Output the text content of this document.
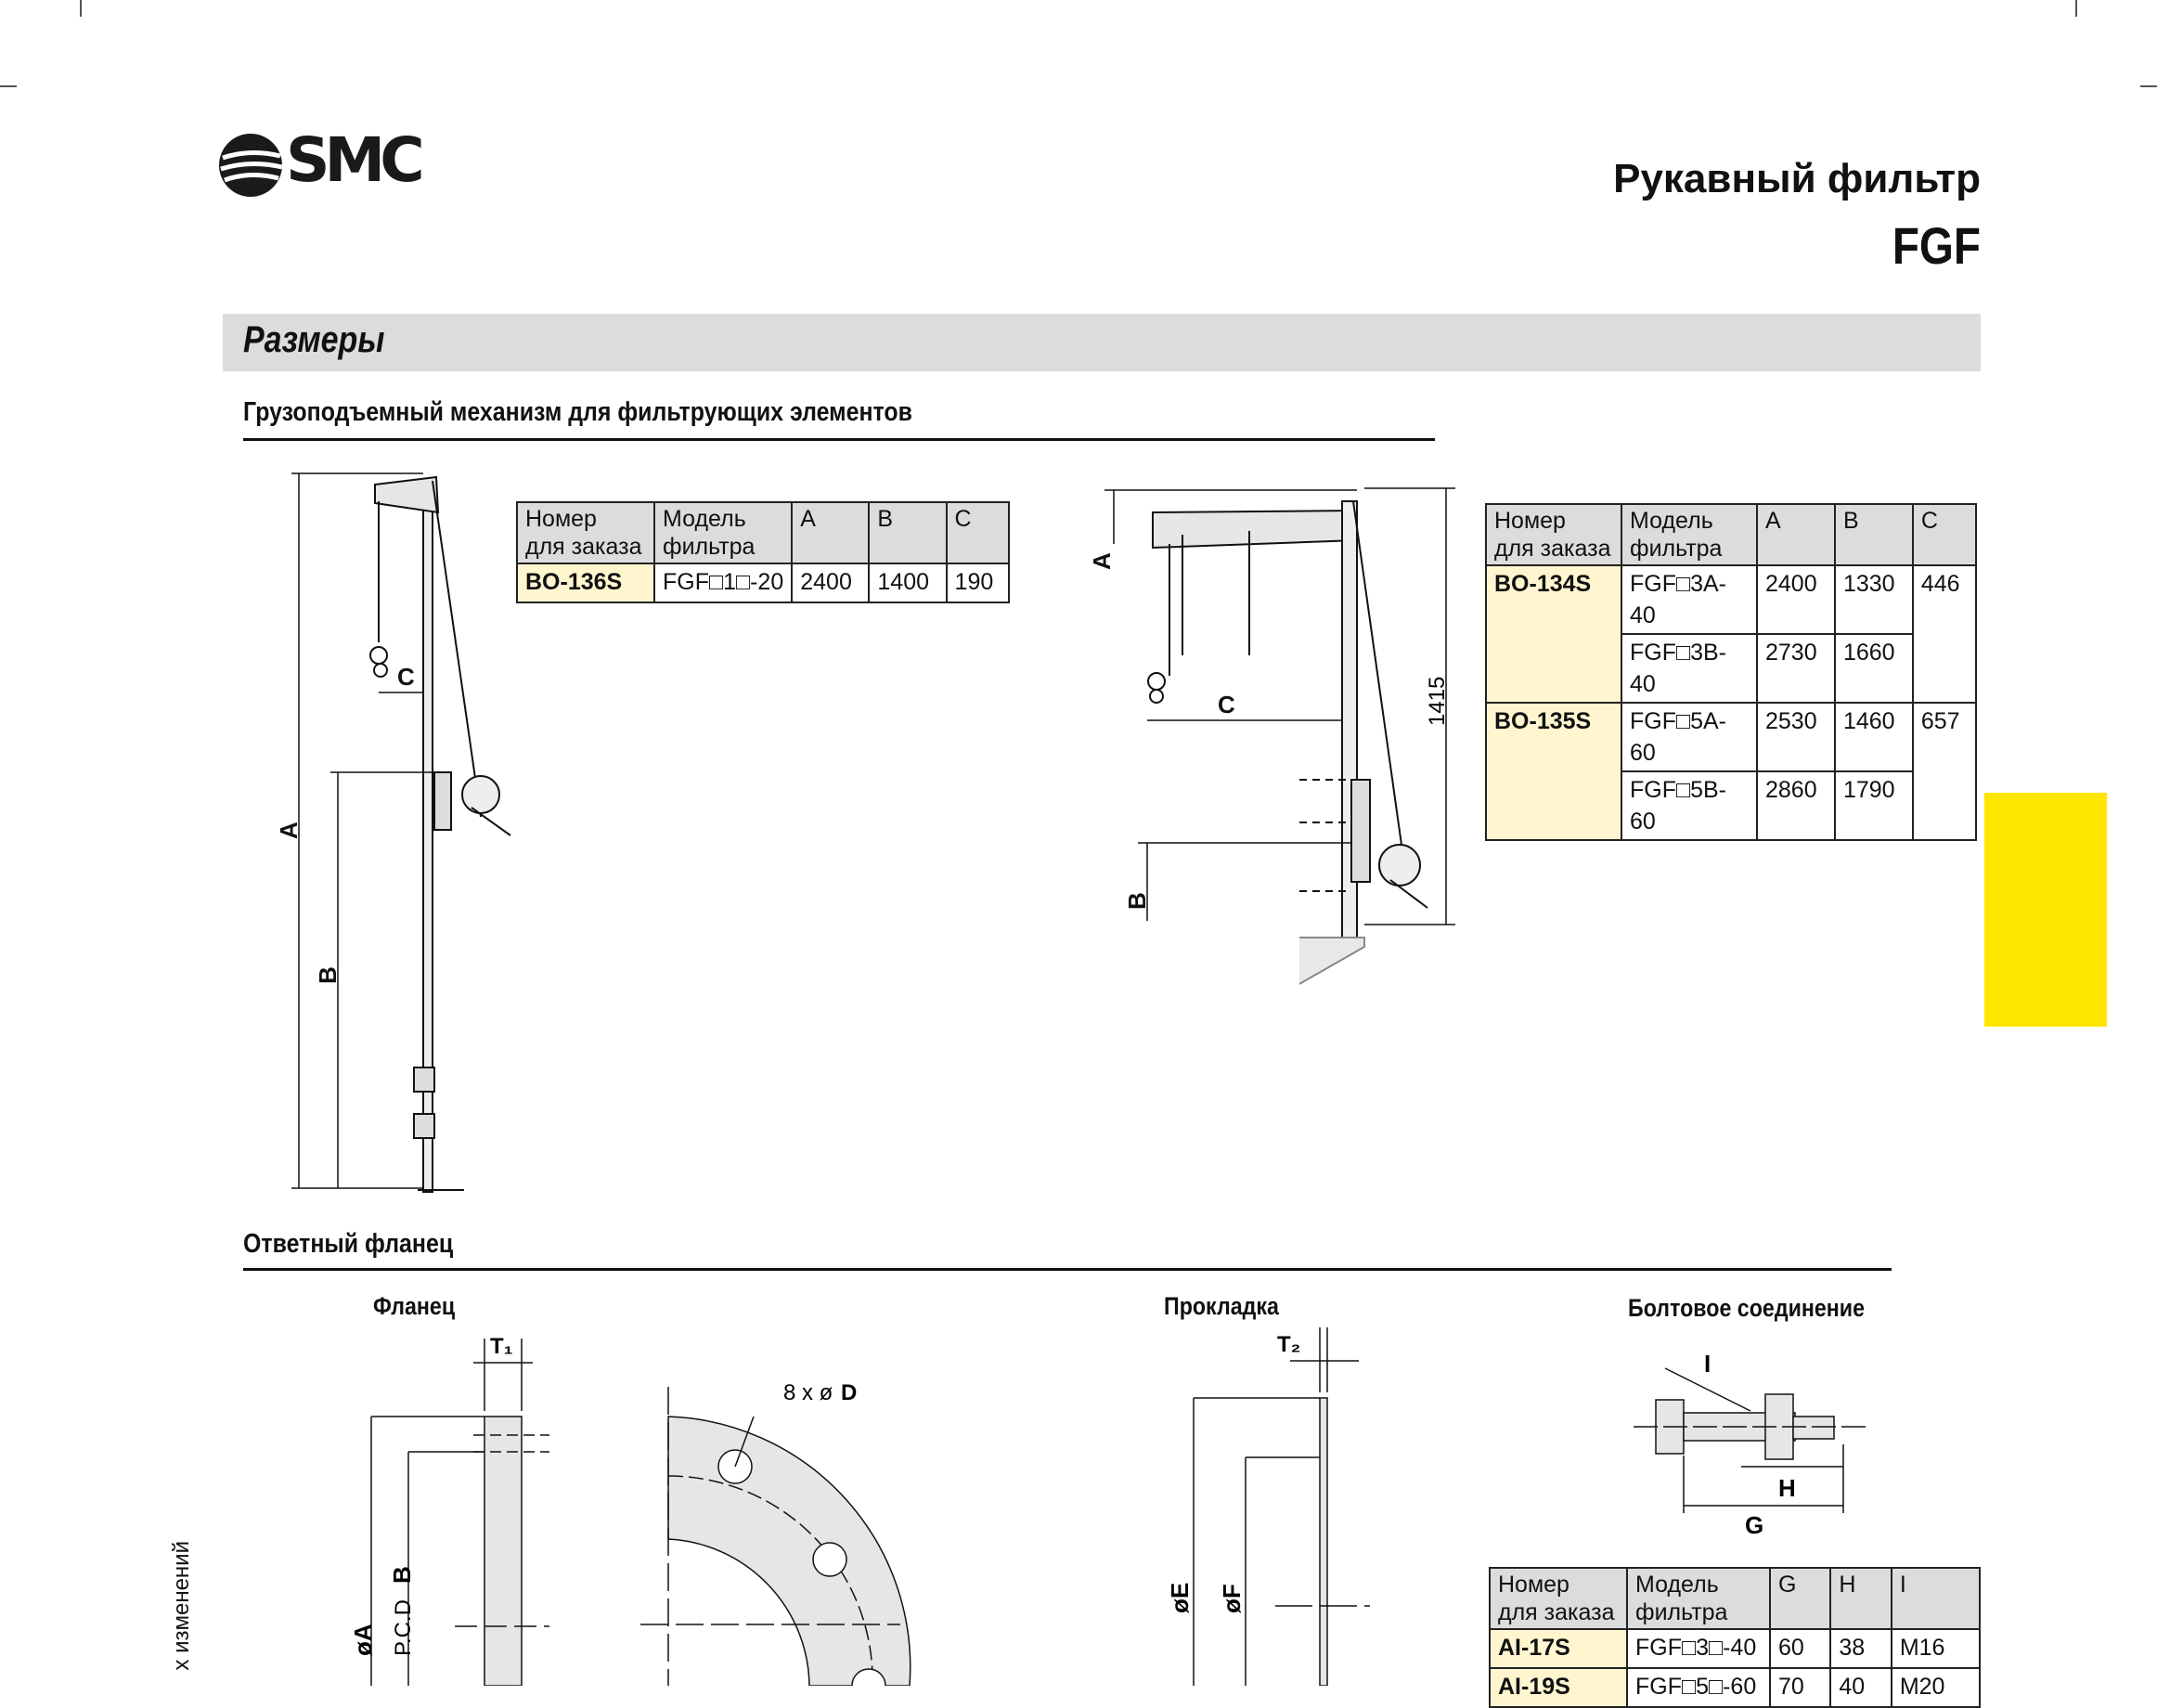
SMC	Рукавный фильтр
FGF
Размеры
Грузоподъемный механизм для фильтрующих элементов
A
B
C
Номер
для заказа	Модель
фильтра	A	B	C
BO-136S	FGF□1□-20	2400	1400	190
A
C
B
1415
Номер
для заказа	Модель
фильтра	A	B	C
BO-134S	FGF□3A-40	2400	1330	446
	FGF□3B-40	2730	1660	
BO-135S	FGF□5A-60	2530	1460	657
	FGF□5B-60	2860	1790	
Ответный фланец
Фланец	Прокладка	Болтовое соединение
T₁
øA P.C.D
B
8 x ø D
T₂
øE øF
I
H
G
Номер
для заказа	Модель
фильтра	G	H	I
AI-17S	FGF□3□-40	60	38	M16
AI-19S	FGF□5□-60	70	40	M20
х изменений
